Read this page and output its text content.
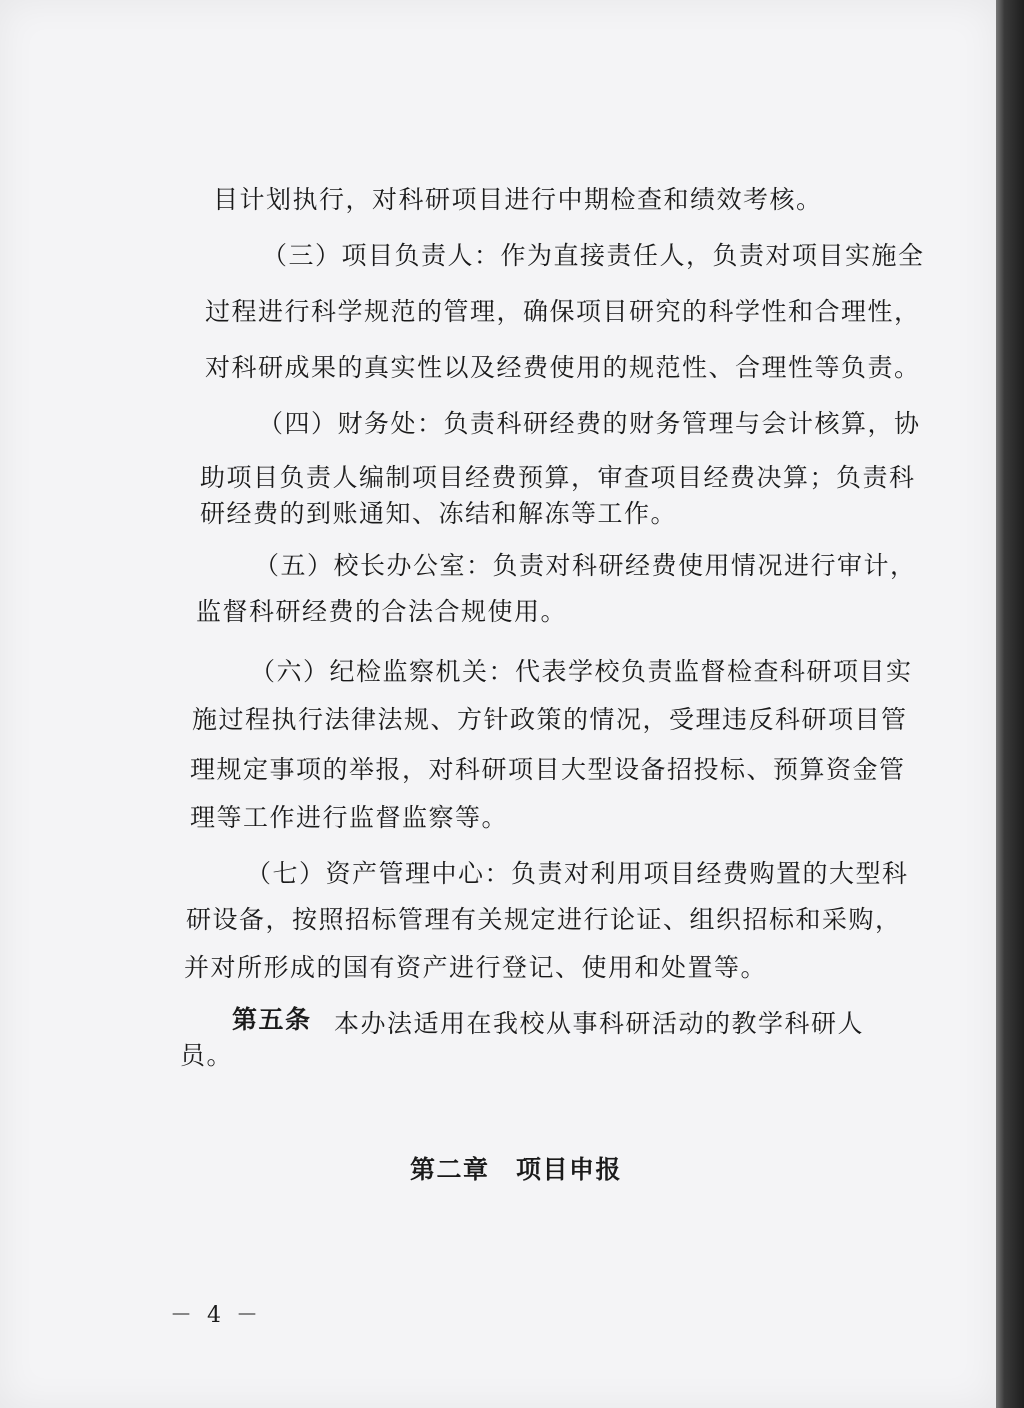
目计划执行，对科研项目进行中期检查和绩效考核。
（三）项目负责人：作为直接责任人，负责对项目实施全
过程进行科学规范的管理，确保项目研究的科学性和合理性，
对科研成果的真实性以及经费使用的规范性、合理性等负责。
（四）财务处：负责科研经费的财务管理与会计核算，协
助项目负责人编制项目经费预算，审查项目经费决算；负责科
研经费的到账通知、冻结和解冻等工作。
（五）校长办公室：负责对科研经费使用情况进行审计，
监督科研经费的合法合规使用。
（六）纪检监察机关：代表学校负责监督检查科研项目实
施过程执行法律法规、方针政策的情况，受理违反科研项目管
理规定事项的举报，对科研项目大型设备招投标、预算资金管
理等工作进行监督监察等。
（七）资产管理中心：负责对利用项目经费购置的大型科
研设备，按照招标管理有关规定进行论证、组织招标和采购，
并对所形成的国有资产进行登记、使用和处置等。
第五条 本办法适用在我校从事科研活动的教学科研人
员。
第二章　项目申报
－ 4 －
